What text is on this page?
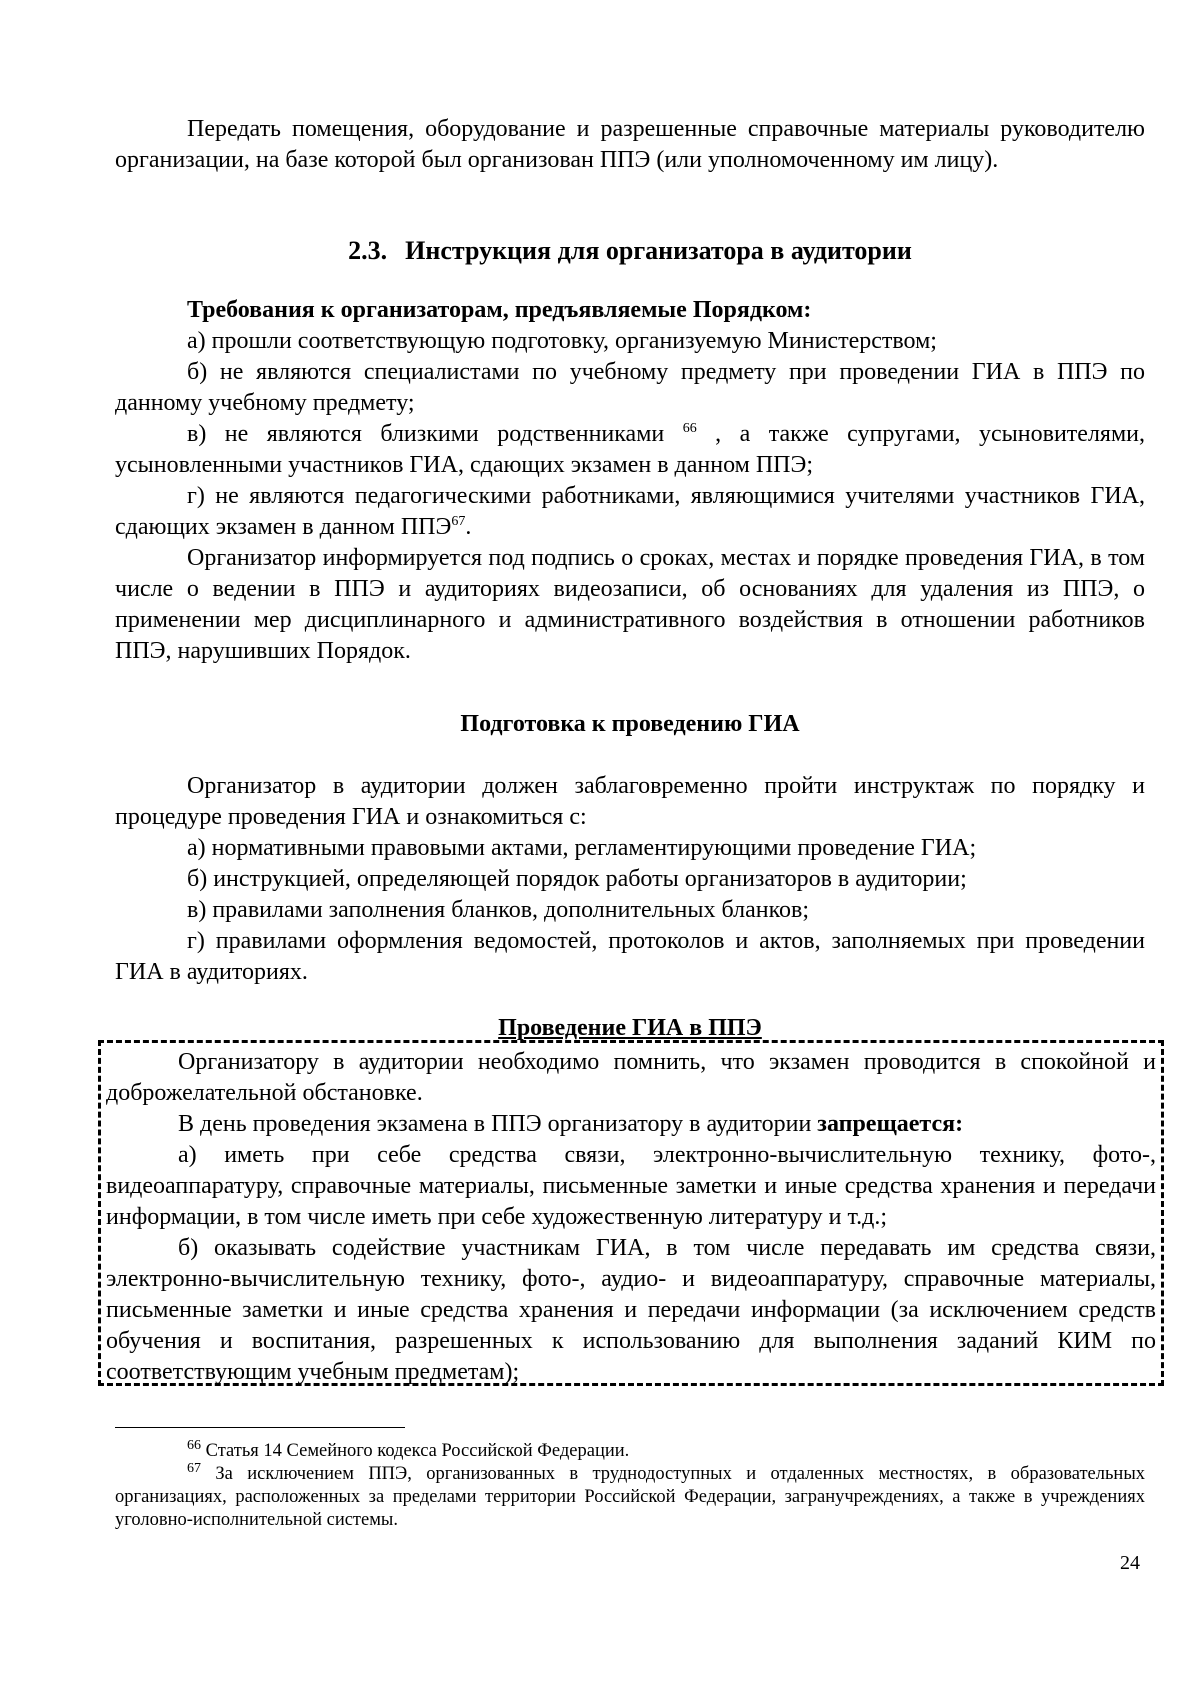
Передать помещения, оборудование и разрешенные справочные материалы руководителю организации, на базе которой был организован ППЭ (или уполномоченному им лицу).

2.3. Инструкция для организатора в аудитории

Требования к организаторам, предъявляемые Порядком:

а) прошли соответствующую подготовку, организуемую Министерством;

б) не являются специалистами по учебному предмету при проведении ГИА в ППЭ по данному учебному предмету;

в) не являются близкими родственниками $^{66}$ , а также супругами, усыновителями, усыновленными участников ГИА, сдающих экзамен в данном ППЭ;

г) не являются педагогическими работниками, являющимися учителями участников ГИА, сдающих экзамен в данном ППЭ$^{67}$.

Организатор информируется под подпись о сроках, местах и порядке проведения ГИА, в том числе о ведении в ППЭ и аудиториях видеозаписи, об основаниях для удаления из ППЭ, о применении мер дисциплинарного и административного воздействия в отношении работников ППЭ, нарушивших Порядок.

Подготовка к проведению ГИА

Организатор в аудитории должен заблаговременно пройти инструктаж по порядку и процедуре проведения ГИА и ознакомиться с:

а) нормативными правовыми актами, регламентирующими проведение ГИА;

б) инструкцией, определяющей порядок работы организаторов в аудитории;

в) правилами заполнения бланков, дополнительных бланков;

г) правилами оформления ведомостей, протоколов и актов, заполняемых при проведении ГИА в аудиториях.

Проведение ГИА в ППЭ

Организатору в аудитории необходимо помнить, что экзамен проводится в спокойной и доброжелательной обстановке.

В день проведения экзамена в ППЭ организатору в аудитории запрещается:

а) иметь при себе средства связи, электронно-вычислительную технику, фото-, видеоаппаратуру, справочные материалы, письменные заметки и иные средства хранения и передачи информации, в том числе иметь при себе художественную литературу и т.д.;

б) оказывать содействие участникам ГИА, в том числе передавать им средства связи, электронно-вычислительную технику, фото-, аудио- и видеоаппаратуру, справочные материалы, письменные заметки и иные средства хранения и передачи информации (за исключением средств обучения и воспитания, разрешенных к использованию для выполнения заданий КИМ по соответствующим учебным предметам);

$^{66}$ Статья 14 Семейного кодекса Российской Федерации.

$^{67}$ За исключением ППЭ, организованных в труднодоступных и отдаленных местностях, в образовательных организациях, расположенных за пределами территории Российской Федерации, загранучреждениях, а также в учреждениях уголовно-исполнительной системы.

24
